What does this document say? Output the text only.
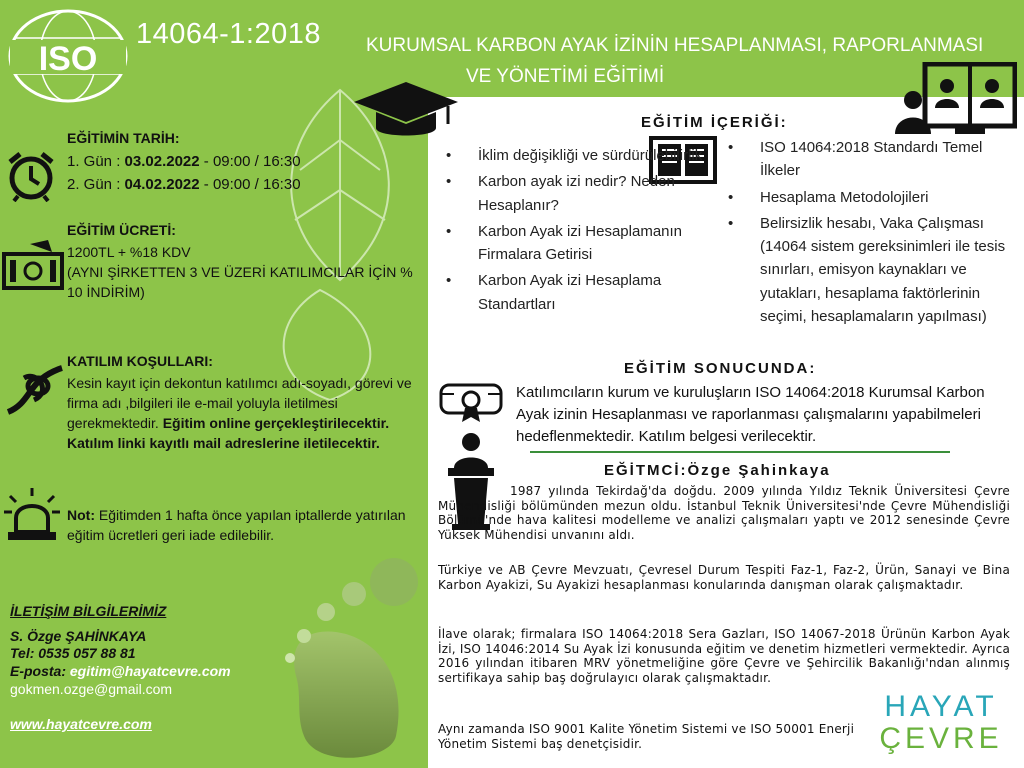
ISO
14064-1:2018 KURUMSAL KARBON AYAK İZİNİN HESAPLANMASI, RAPORLANMASI
VE YÖNETİMİ EĞİTİMİ
EĞİTİMİN TARİH:
1. Gün : 03.02.2022 - 09:00 / 16:30
2. Gün : 04.02.2022 - 09:00 / 16:30
EĞİTİM ÜCRETİ:
1200TL + %18 KDV
(AYNI ŞİRKETTEN 3 VE ÜZERİ KATILIMCILAR İÇİN % 10 İNDİRİM)
KATILIM KOŞULLARI:
Kesin kayıt için dekontun katılımcı adı-soyadı, görevi ve firma adı ,bilgileri ile e-mail yoluyla iletilmesi gerekmektedir. Eğitim online gerçekleştirilecektir. Katılım linki kayıtlı mail adreslerine iletilecektir.
Not: Eğitimden 1 hafta önce yapılan iptallerde yatırılan eğitim ücretleri geri iade edilebilir.
İLETİŞİM BİLGİLERİMİZ
S. Özge ŞAHİNKAYA
Tel: 0535 057 88 81
E-posta: egitim@hayatcevre.com
gokmen.ozge@gmail.com
www.hayatcevre.com
EĞİTİM İÇERİĞİ:
• İklim değişikliği ve sürdürülebilirlik
• Karbon ayak izi nedir? Neden Hesaplanır?
• Karbon Ayak izi Hesaplamanın Firmalara Getirisi
• Karbon Ayak izi Hesaplama Standartları
• ISO 14064:2018 Standardı Temel İlkeler
• Hesaplama Metodolojileri
• Belirsizlik hesabı, Vaka Çalışması (14064 sistem gereksinimleri ile tesis sınırları, emisyon kaynakları ve yutakları, hesaplama faktörlerinin seçimi, hesaplamaların yapılması)
EĞİTİM SONUCUNDA:
Katılımcıların kurum ve kuruluşların ISO 14064:2018 Kurumsal Karbon Ayak izinin Hesaplanması ve raporlanması çalışmalarını yapabilmeleri hedeflenmektedir. Katılım belgesi verilecektir.
EĞİTMCİ:Özge Şahinkaya
1987 yılında Tekirdağ'da doğdu. 2009 yılında Yıldız Teknik Üniversitesi Çevre Mühendisliği bölümünden mezun oldu. İstanbul Teknik Üniversitesi'nde Çevre Mühendisliği Bölümü'nde hava kalitesi modelleme ve analizi çalışmaları yaptı ve 2012 senesinde Çevre Yüksek Mühendisi unvanını aldı.
Türkiye ve AB Çevre Mevzuatı, Çevresel Durum Tespiti Faz-1, Faz-2, Ürün, Sanayi ve Bina Karbon Ayakizi, Su Ayakizi hesaplanması konularında danışman olarak çalışmaktadır.
İlave olarak; firmalara ISO 14064:2018 Sera Gazları, ISO 14067-2018 Ürünün Karbon Ayak İzi, ISO 14046:2014 Su Ayak İzi konusunda eğitim ve denetim hizmetleri vermektedir. Ayrıca 2016 yılından itibaren MRV yönetmeliğine göre Çevre ve Şehircilik Bakanlığı'ndan alınmış sertifikaya sahip baş doğrulayıcı olarak çalışmaktadır.
Aynı zamanda ISO 9001 Kalite Yönetim Sistemi ve ISO 50001 Enerji Yönetim Sistemi baş denetçisidir.
HAYAT
ÇEVRE
